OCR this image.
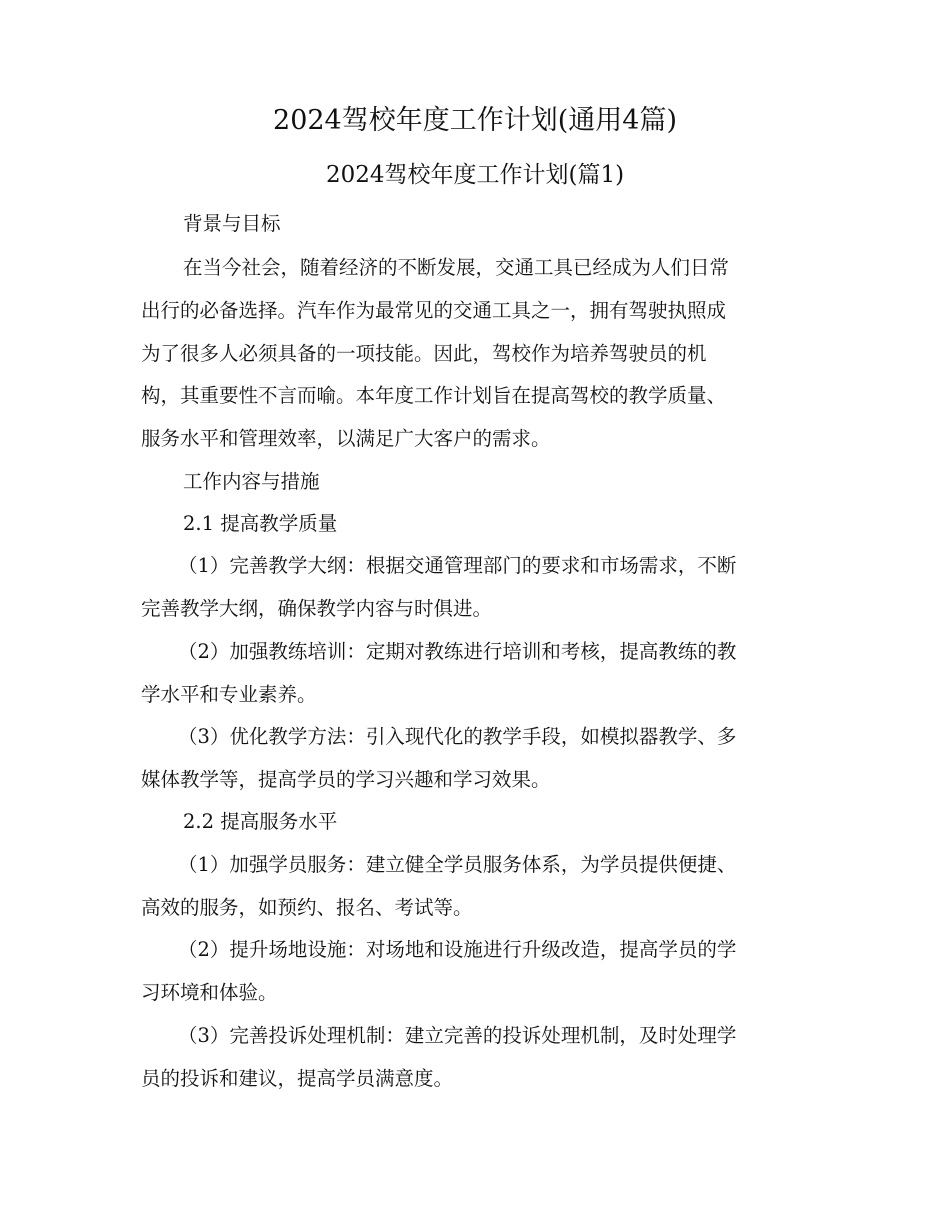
2024驾校年度工作计划(通用4篇)
2024驾校年度工作计划(篇1)
背景与目标
在当今社会，随着经济的不断发展，交通工具已经成为人们日常
出行的必备选择。汽车作为最常见的交通工具之一，拥有驾驶执照成
为了很多人必须具备的一项技能。因此，驾校作为培养驾驶员的机
构，其重要性不言而喻。本年度工作计划旨在提高驾校的教学质量、
服务水平和管理效率，以满足广大客户的需求。
工作内容与措施
2.1 提高教学质量
（1）完善教学大纲：根据交通管理部门的要求和市场需求，不断
完善教学大纲，确保教学内容与时俱进。
（2）加强教练培训：定期对教练进行培训和考核，提高教练的教
学水平和专业素养。
（3）优化教学方法：引入现代化的教学手段，如模拟器教学、多
媒体教学等，提高学员的学习兴趣和学习效果。
2.2 提高服务水平
（1）加强学员服务：建立健全学员服务体系，为学员提供便捷、
高效的服务，如预约、报名、考试等。
（2）提升场地设施：对场地和设施进行升级改造，提高学员的学
习环境和体验。
（3）完善投诉处理机制：建立完善的投诉处理机制，及时处理学
员的投诉和建议，提高学员满意度。
